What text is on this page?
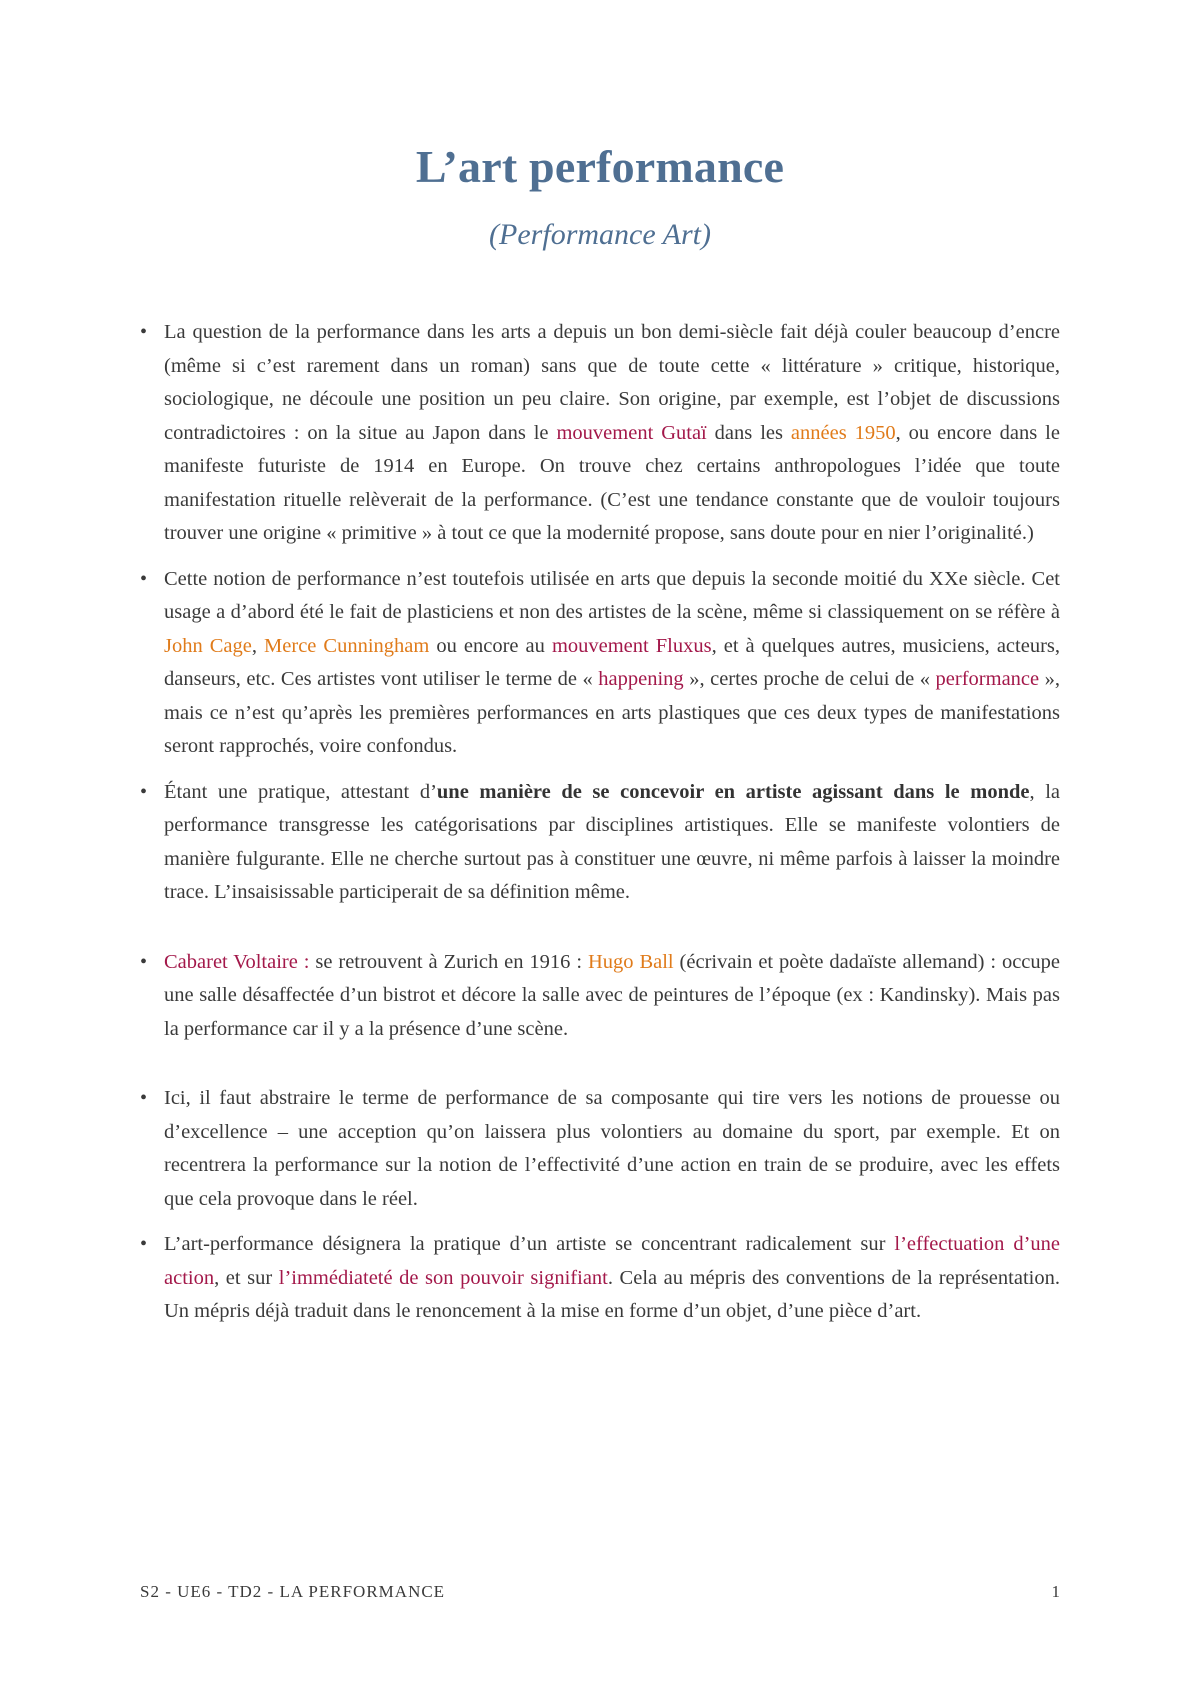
L’art performance
(Performance Art)
• La question de la performance dans les arts a depuis un bon demi-siècle fait déjà couler beaucoup d’encre (même si c’est rarement dans un roman) sans que de toute cette « littérature » critique, historique, sociologique, ne découle une position un peu claire. Son origine, par exemple, est l’objet de discussions contradictoires : on la situe au Japon dans le mouvement Gutaï dans les années 1950, ou encore dans le manifeste futuriste de 1914 en Europe. On trouve chez certains anthropologues l’idée que toute manifestation rituelle relèverait de la performance. (C’est une tendance constante que de vouloir toujours trouver une origine « primitive » à tout ce que la modernité propose, sans doute pour en nier l’originalité.)
• Cette notion de performance n’est toutefois utilisée en arts que depuis la seconde moitié du XXe siècle. Cet usage a d’abord été le fait de plasticiens et non des artistes de la scène, même si classiquement on se réfère à John Cage, Merce Cunningham ou encore au mouvement Fluxus, et à quelques autres, musiciens, acteurs, danseurs, etc. Ces artistes vont utiliser le terme de « happening », certes proche de celui de « performance », mais ce n’est qu’après les premières performances en arts plastiques que ces deux types de manifestations seront rapprochés, voire confondus.
• Étant une pratique, attestant d’une manière de se concevoir en artiste agissant dans le monde, la performance transgresse les catégorisations par disciplines artistiques. Elle se manifeste volontiers de manière fulgurante. Elle ne cherche surtout pas à constituer une œuvre, ni même parfois à laisser la moindre trace. L’insaisissable participerait de sa définition même.
• Cabaret Voltaire : se retrouvent à Zurich en 1916 : Hugo Ball (écrivain et poète dadaïste allemand) : occupe une salle désaffectée d’un bistrot et décore la salle avec de peintures de l’époque (ex : Kandinsky). Mais pas la performance car il y a la présence d’une scène.
• Ici, il faut abstraire le terme de performance de sa composante qui tire vers les notions de prouesse ou d’excellence – une acception qu’on laissera plus volontiers au domaine du sport, par exemple. Et on recentrera la performance sur la notion de l’effectivité d’une action en train de se produire, avec les effets que cela provoque dans le réel.
• L’art-performance désignera la pratique d’un artiste se concentrant radicalement sur l’effectuation d’une action, et sur l’immédiateté de son pouvoir signifiant. Cela au mépris des conventions de la représentation. Un mépris déjà traduit dans le renoncement à la mise en forme d’un objet, d’une pièce d’art.
S2 - UE6 - TD2 - LA PERFORMANCE	1
